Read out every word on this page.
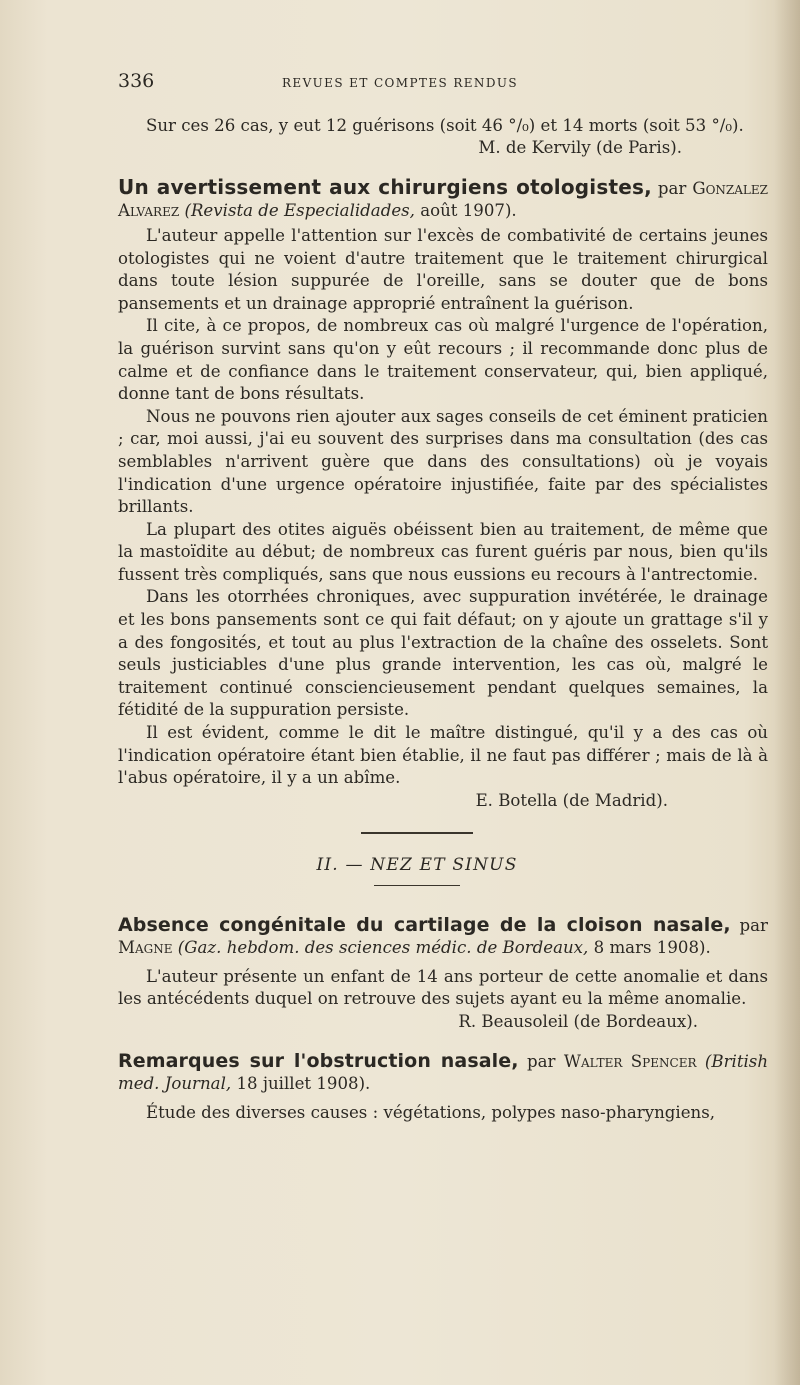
336	REVUES ET COMPTES RENDUS

Sur ces 26 cas, y eut 12 guérisons (soit 46 °/₀) et 14 morts (soit 53 °/₀).

M. de Kervily (de Paris).
Un avertissement aux chirurgiens otologistes, par Gonzalez Alvarez (Revista de Especialidades, août 1907).

L'auteur appelle l'attention sur l'excès de combativité de certains jeunes otologistes qui ne voient d'autre traitement que le traitement chirurgical dans toute lésion suppurée de l'oreille, sans se douter que de bons pansements et un drainage approprié entraînent la guérison.

Il cite, à ce propos, de nombreux cas où malgré l'urgence de l'opération, la guérison survint sans qu'on y eût recours ; il recommande donc plus de calme et de confiance dans le traitement conservateur, qui, bien appliqué, donne tant de bons résultats.

Nous ne pouvons rien ajouter aux sages conseils de cet éminent praticien ; car, moi aussi, j'ai eu souvent des surprises dans ma consultation (des cas semblables n'arrivent guère que dans des consultations) où je voyais l'indication d'une urgence opératoire injustifiée, faite par des spécialistes brillants.

La plupart des otites aiguës obéissent bien au traitement, de même que la mastoïdite au début; de nombreux cas furent guéris par nous, bien qu'ils fussent très compliqués, sans que nous eussions eu recours à l'antrectomie.

Dans les otorrhées chroniques, avec suppuration invétérée, le drainage et les bons pansements sont ce qui fait défaut; on y ajoute un grattage s'il y a des fongosités, et tout au plus l'extraction de la chaîne des osselets. Sont seuls justiciables d'une plus grande intervention, les cas où, malgré le traitement continué consciencieusement pendant quelques semaines, la fétidité de la suppuration persiste.

Il est évident, comme le dit le maître distingué, qu'il y a des cas où l'indication opératoire étant bien établie, il ne faut pas différer ; mais de là à l'abus opératoire, il y a un abîme.

E. Botella (de Madrid).
II. — NEZ ET SINUS
Absence congénitale du cartilage de la cloison nasale, par Magne (Gaz. hebdom. des sciences médic. de Bordeaux, 8 mars 1908).

L'auteur présente un enfant de 14 ans porteur de cette anomalie et dans les antécédents duquel on retrouve des sujets ayant eu la même anomalie.

R. Beausoleil (de Bordeaux).
Remarques sur l'obstruction nasale, par Walter Spencer (British med. Journal, 18 juillet 1908).

Étude des diverses causes : végétations, polypes naso-pharyngiens,
